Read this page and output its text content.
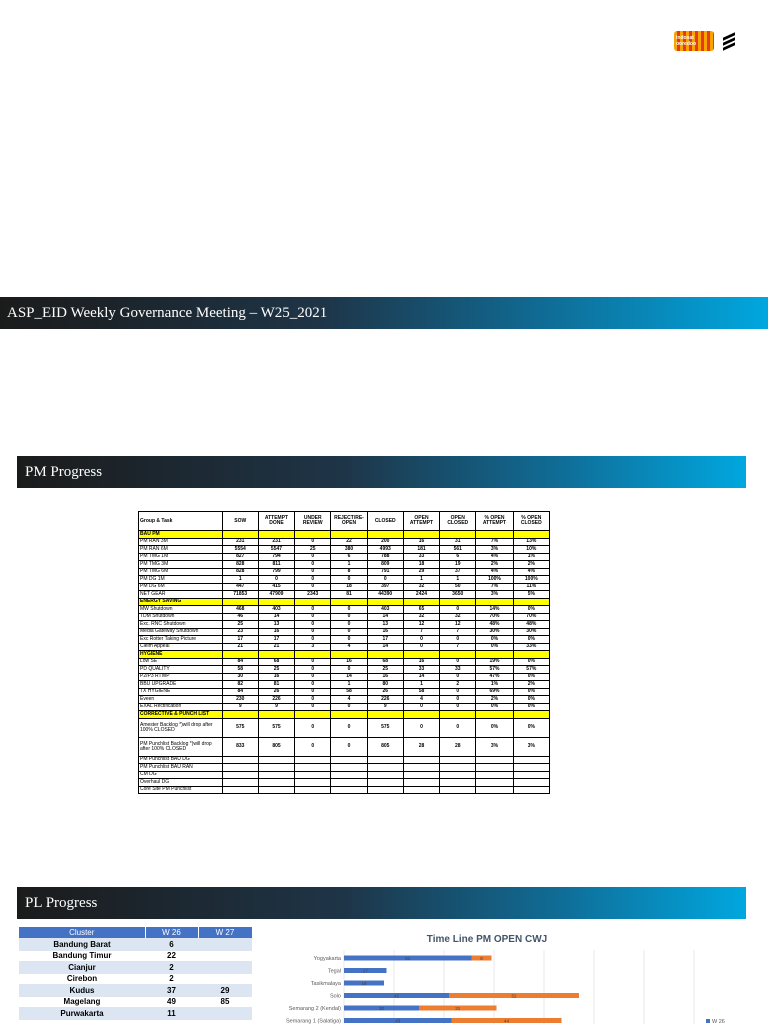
indosat ooredoo
ASP_EID Weekly Governance Meeting – W25_2021
PM Progress
Group & Task	SOW	ATTEMPT DONE	UNDER REVIEW	REJECT/RE-OPEN	CLOSED	OPEN ATTEMPT	OPEN CLOSED	% OPEN ATTEMPT	% OPEN CLOSED
BAU PM									
PM RAN 3M	231	231	0	22	200	16	31	7%	13%
PM RAN 6M	5554	5547	25	380	4993	181	561	3%	10%
PM TMG 1M	827	794	0	6	788	33	6	4%	1%
PM TMG 3M	828	811	0	1	809	18	19	2%	2%
PM TMG 6M	828	799	0	8	791	29	37	4%	4%
PM DG 1M	1	0	0	0	0	1	1	100%	100%
PM DG 6M	447	415	0	18	397	32	50	7%	11%
NET GEAR	71853	47909	2343	81	44390	2424	3650	3%	5%
ENERGY SAVING									
MW Shutdown	468	403	0	0	403	65	0	14%	0%
TDM Shutdown	46	14	0	0	14	32	32	70%	70%
Exc. RNC Shutdown	25	13	0	0	13	12	12	48%	48%
Media Gateway Shutdown	23	16	0	0	16	7	7	30%	30%
Exc Rotter Taking Picture	17	17	0	0	17	0	0	0%	0%
Cleim Appeal	21	21	3	4	14	0	7	0%	33%
HYGIENE									
Low SE	84	68	0	16	68	16	0	19%	0%
PD QUALITY	58	25	0	0	25	33	33	57%	57%
P2/P3 RTWP	30	16	0	14	16	14	0	47%	0%
BBU UPGRADE	82	81	0	1	80	1	2	1%	2%
TX HYGIENE	84	26	0	58	26	58	0	69%	0%
Eveen	230	226	0	4	226	4	0	2%	0%
EXAL Rectification	9	9	0	0	9	0	0	0%	0%
CORRECTIVE & PUNCH LIST									
Amester Backlog *)will drop after 100% CLOSED	575	575	0	0	575	0	0	0%	0%
PM Punchlist Backlog *)will drop after 100% CLOSED	833	805	0	0	805	28	28	3%	3%
PM Punchlist BAU DG									
PM Punchlist BAU RAN									
CM DG									
Overhaul DG									
Core Site PM Punchlist									
PL Progress
Cluster	W 26	W 27
Bandung Barat	6	
Bandung Timur	22	
Cianjur	2	
Cirebon	2	
Kudus	37	29
Magelang	49	85
Purwakarta	11	
Time Line PM OPEN CWJ
Yogyakarta	51	8
Tegal	17
Tasikmalaya	16
Solo	42	52
Semarang 2 (Kendal)	30	31
Semarang 1 (Salatiga)	43	44	W 26
